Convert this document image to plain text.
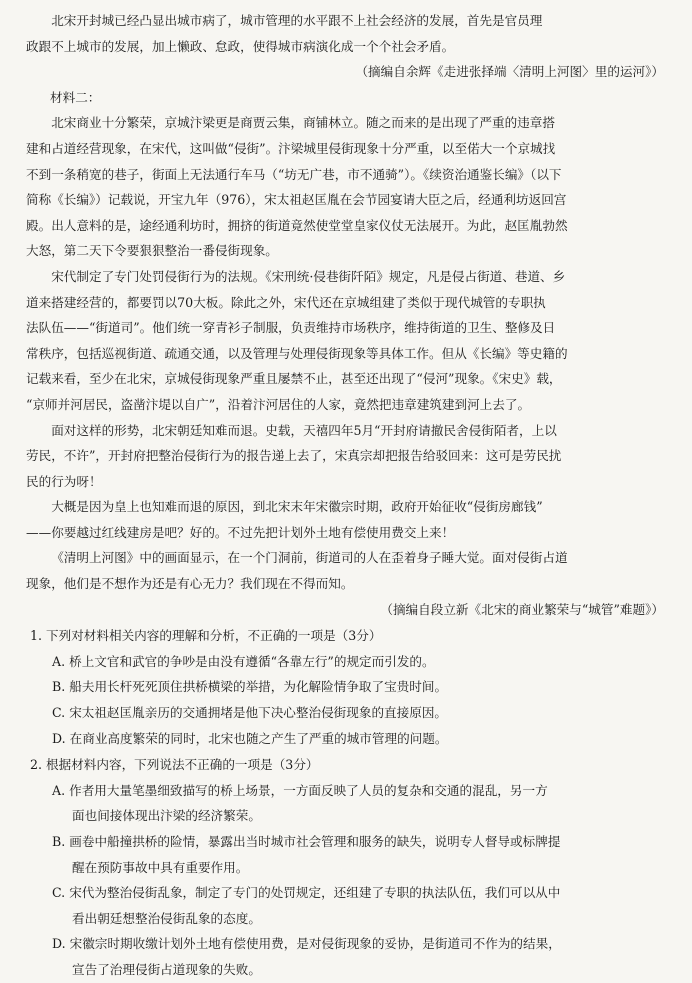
北宋开封城已经凸显出城市病了，城市管理的水平跟不上社会经济的发展，首先是官员理

政跟不上城市的发展，加上懒政、怠政，使得城市病演化成一个个社会矛盾。

（摘编自余辉《走进张择端〈清明上河图〉里的运河》）

材料二：

北宋商业十分繁荣，京城汴梁更是商贾云集，商铺林立。随之而来的是出现了严重的违章搭

建和占道经营现象，在宋代，这叫做“侵街”。汴梁城里侵街现象十分严重，以至偌大一个京城找

不到一条稍宽的巷子，街面上无法通行车马（“坊无广巷，市不通骑”）。《续资治通鉴长编》（以下

简称《长编》）记载说，开宝九年（976），宋太祖赵匡胤在会节园宴请大臣之后，经通利坊返回宫

殿。出人意料的是，途经通利坊时，拥挤的街道竟然使堂堂皇家仪仗无法展开。为此，赵匡胤勃然

大怒，第二天下令要狠狠整治一番侵街现象。

宋代制定了专门处罚侵街行为的法规。《宋刑统·侵巷街阡陌》规定，凡是侵占街道、巷道、乡

道来搭建经营的，都要罚以70大板。除此之外，宋代还在京城组建了类似于现代城管的专职执

法队伍——“街道司”。他们统一穿青衫子制服，负责维持市场秩序，维持街道的卫生、整修及日

常秩序，包括巡视街道、疏通交通，以及管理与处理侵街现象等具体工作。但从《长编》等史籍的

记载来看，至少在北宋，京城侵街现象严重且屡禁不止，甚至还出现了“侵河”现象。《宋史》载，

“京师并河居民，盗凿汴堤以自广”，沿着汴河居住的人家，竟然把违章建筑建到河上去了。

面对这样的形势，北宋朝廷知难而退。史载，天禧四年5月“开封府请撤民舍侵街陌者，上以

劳民，不许”，开封府把整治侵街行为的报告递上去了，宋真宗却把报告给驳回来：这可是劳民扰

民的行为呀！

大概是因为皇上也知难而退的原因，到北宋末年宋徽宗时期，政府开始征收“侵街房廊钱”

——你要越过红线建房是吧？好的。不过先把计划外土地有偿使用费交上来！

《清明上河图》中的画面显示，在一个门洞前，街道司的人在歪着身子睡大觉。面对侵街占道

现象，他们是不想作为还是有心无力？我们现在不得而知。

（摘编自段立新《北宋的商业繁荣与“城管”难题》）

1. 下列对材料相关内容的理解和分析，不正确的一项是（3分）

A. 桥上文官和武官的争吵是由没有遵循“各靠左行”的规定而引发的。

B. 船夫用长杆死死顶住拱桥横梁的举措，为化解险情争取了宝贵时间。

C. 宋太祖赵匡胤亲历的交通拥堵是他下决心整治侵街现象的直接原因。

D. 在商业高度繁荣的同时，北宋也随之产生了严重的城市管理的问题。

2. 根据材料内容，下列说法不正确的一项是（3分）

A. 作者用大量笔墨细致描写的桥上场景，一方面反映了人员的复杂和交通的混乱，另一方

面也间接体现出汴梁的经济繁荣。

B. 画卷中船撞拱桥的险情，暴露出当时城市社会管理和服务的缺失，说明专人督导或标牌提

醒在预防事故中具有重要作用。

C. 宋代为整治侵街乱象，制定了专门的处罚规定，还组建了专职的执法队伍，我们可以从中

看出朝廷想整治侵街乱象的态度。

D. 宋徽宗时期收缴计划外土地有偿使用费，是对侵街现象的妥协，是街道司不作为的结果，

宣告了治理侵街占道现象的失败。
